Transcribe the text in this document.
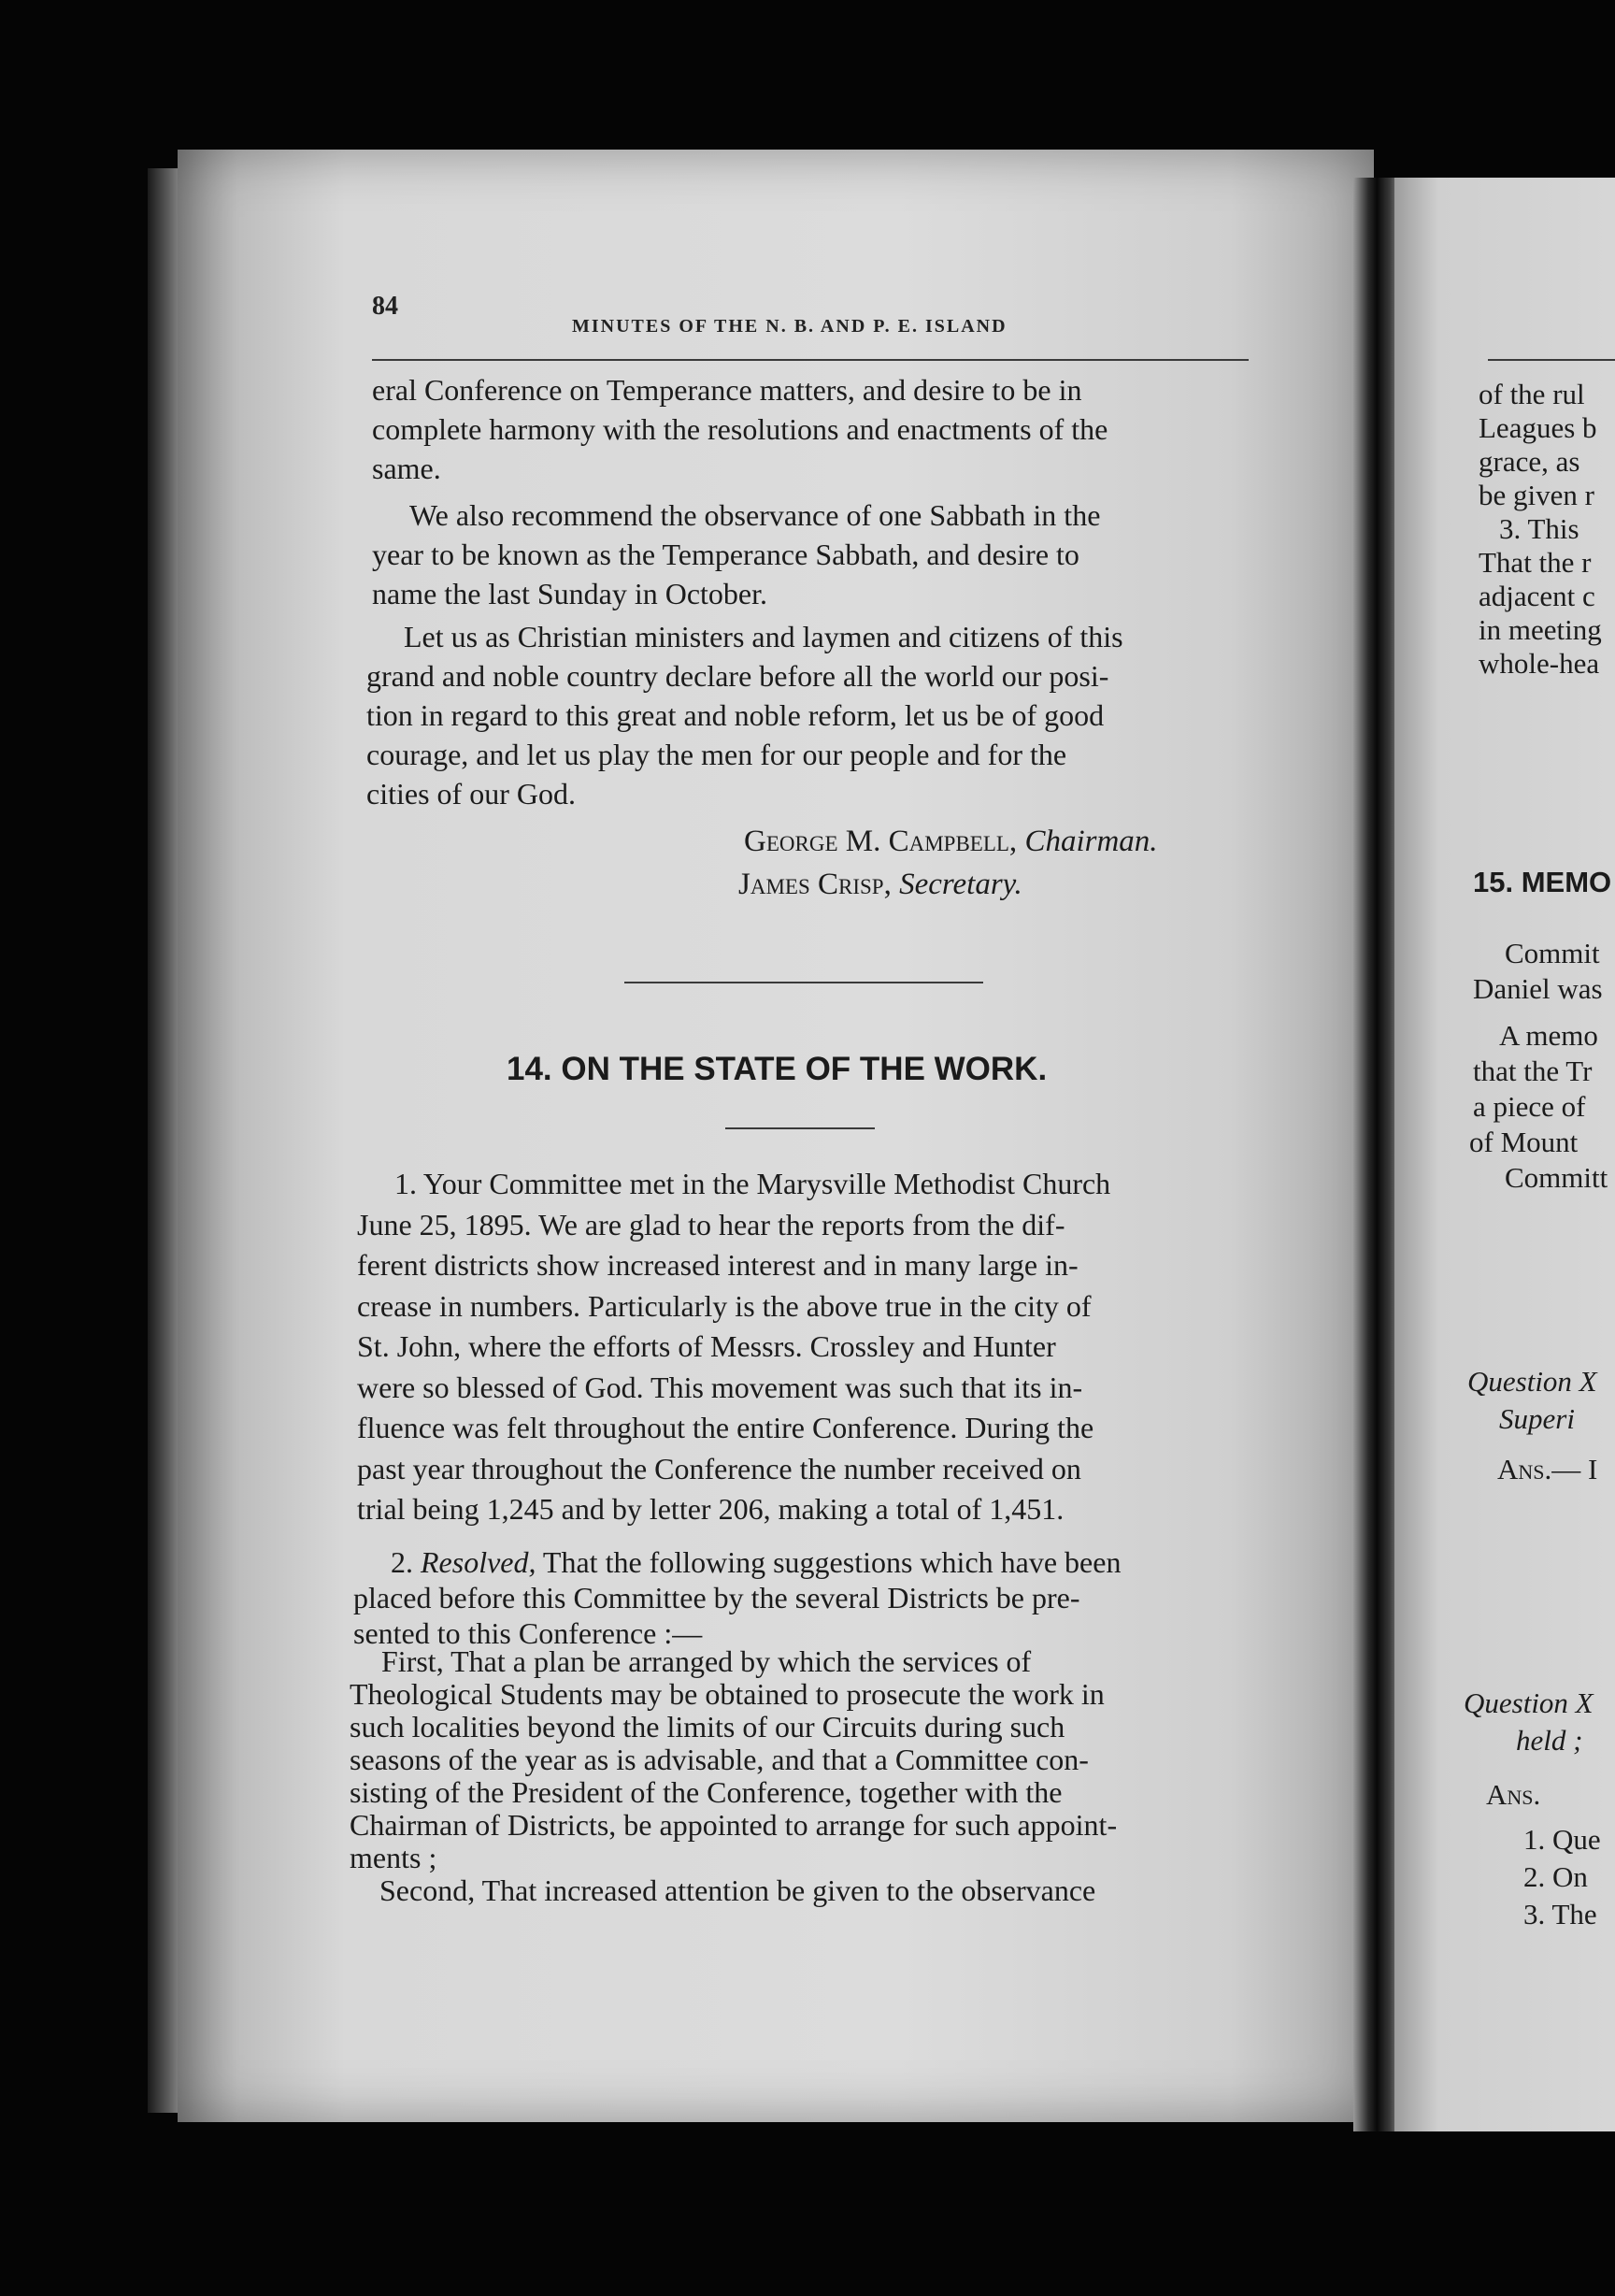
84
MINUTES OF THE N. B. AND P. E. ISLAND
eral Conference on Temperance matters, and desire to be in
complete harmony with the resolutions and enactments of the
same.
We also recommend the observance of one Sabbath in the
year to be known as the Temperance Sabbath, and desire to
name the last Sunday in October.
Let us as Christian ministers and laymen and citizens of this
grand and noble country declare before all the world our posi-
tion in regard to this great and noble reform, let us be of good
courage, and let us play the men for our people and for the
cities of our God.
George M. Campbell, Chairman.
James Crisp, Secretary.
14. ON THE STATE OF THE WORK.
1. Your Committee met in the Marysville Methodist Church
June 25, 1895. We are glad to hear the reports from the dif-
ferent districts show increased interest and in many large in-
crease in numbers. Particularly is the above true in the city of
St. John, where the efforts of Messrs. Crossley and Hunter
were so blessed of God. This movement was such that its in-
fluence was felt throughout the entire Conference. During the
past year throughout the Conference the number received on
trial being 1,245 and by letter 206, making a total of 1,451.
2. Resolved, That the following suggestions which have been
placed before this Committee by the several Districts be pre-
sented to this Conference :—
First, That a plan be arranged by which the services of
Theological Students may be obtained to prosecute the work in
such localities beyond the limits of our Circuits during such
seasons of the year as is advisable, and that a Committee con-
sisting of the President of the Conference, together with the
Chairman of Districts, be appointed to arrange for such appoint-
ments ;
Second, That increased attention be given to the observance
of the rul
Leagues b
grace, as
be given r
3. This
That the r
adjacent c
in meeting
whole-hea
15. MEMO
Commit
Daniel was
A memo
that the Tr
a piece of
of Mount
Committ
Question X
Superi
Ans.— I
Question X
held ;
Ans.
1. Que
2. On
3. The
